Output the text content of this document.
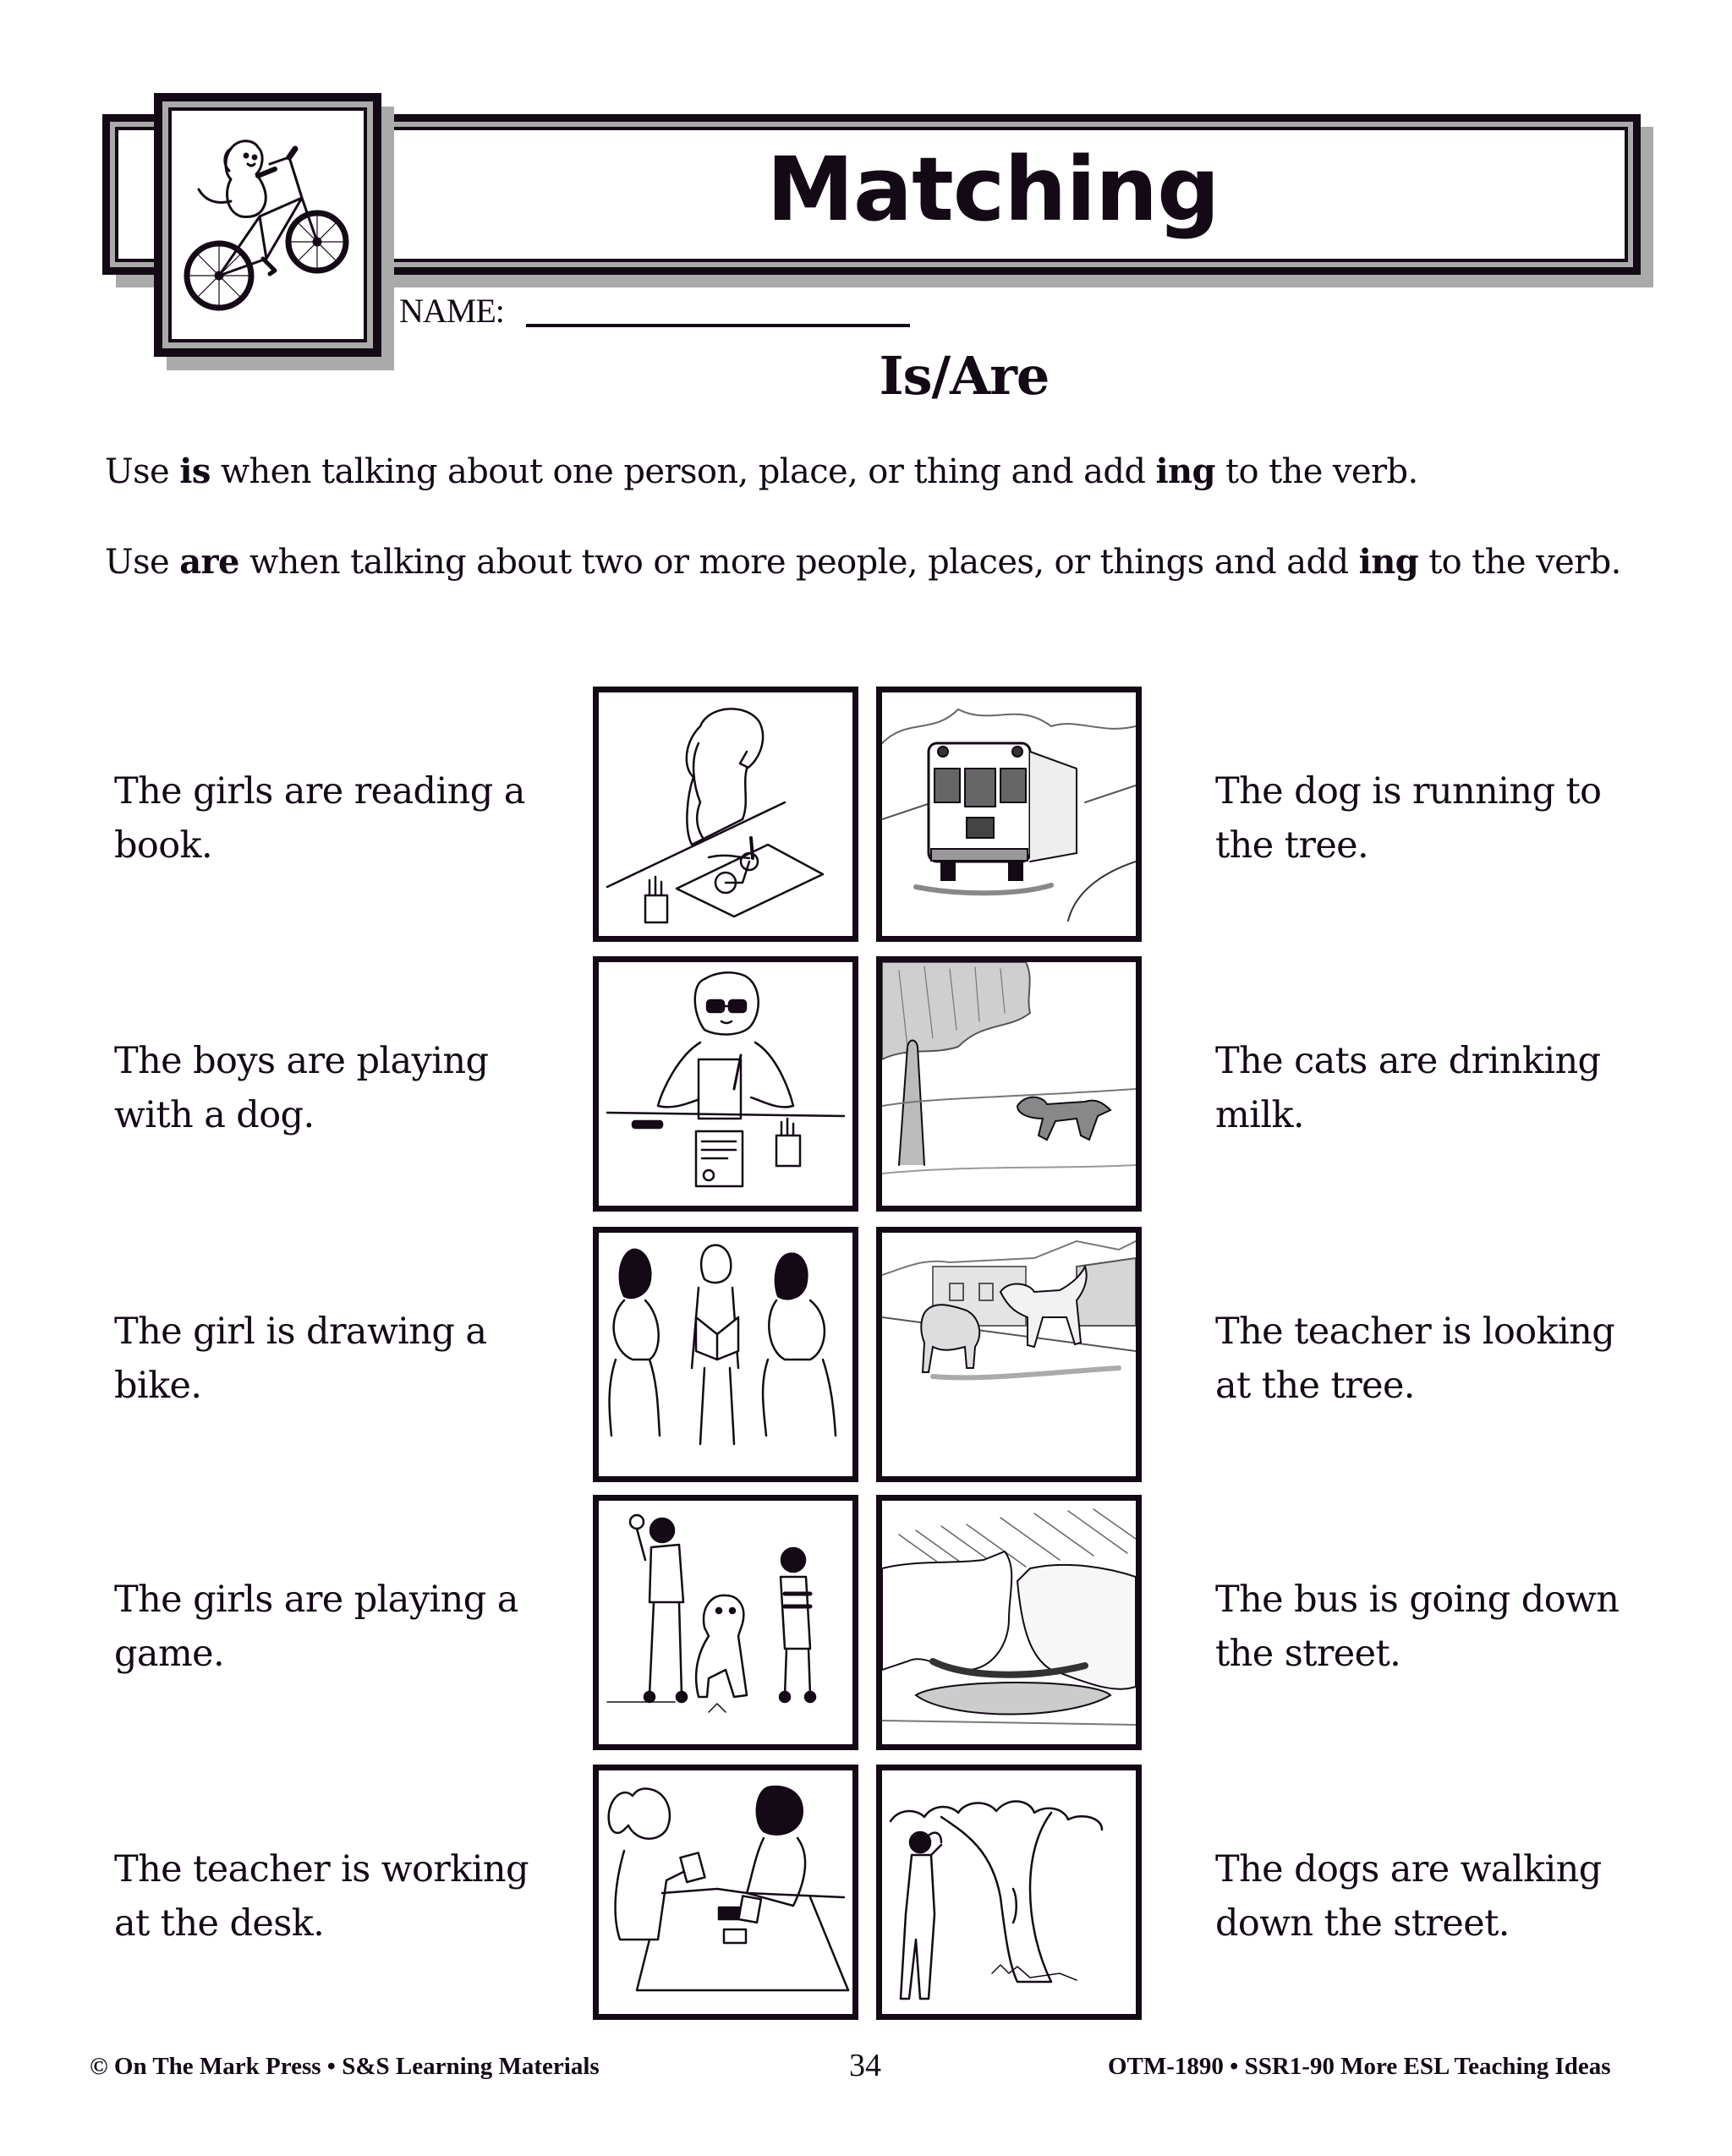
Matching
NAME:
Is/Are
Use is when talking about one person, place, or thing and add ing to the verb.
Use are when talking about two or more people, places, or things and add ing to the verb.
The girls are reading a book.
The dog is running to the tree.
The boys are playing with a dog.
The cats are drinking milk.
The girl is drawing a bike.
The teacher is looking at the tree.
The girls are playing a game.
The bus is going down the street.
The teacher is working at the desk.
The dogs are walking down the street.
© On The Mark Press • S&S Learning Materials	34	OTM-1890 • SSR1-90 More ESL Teaching Ideas
